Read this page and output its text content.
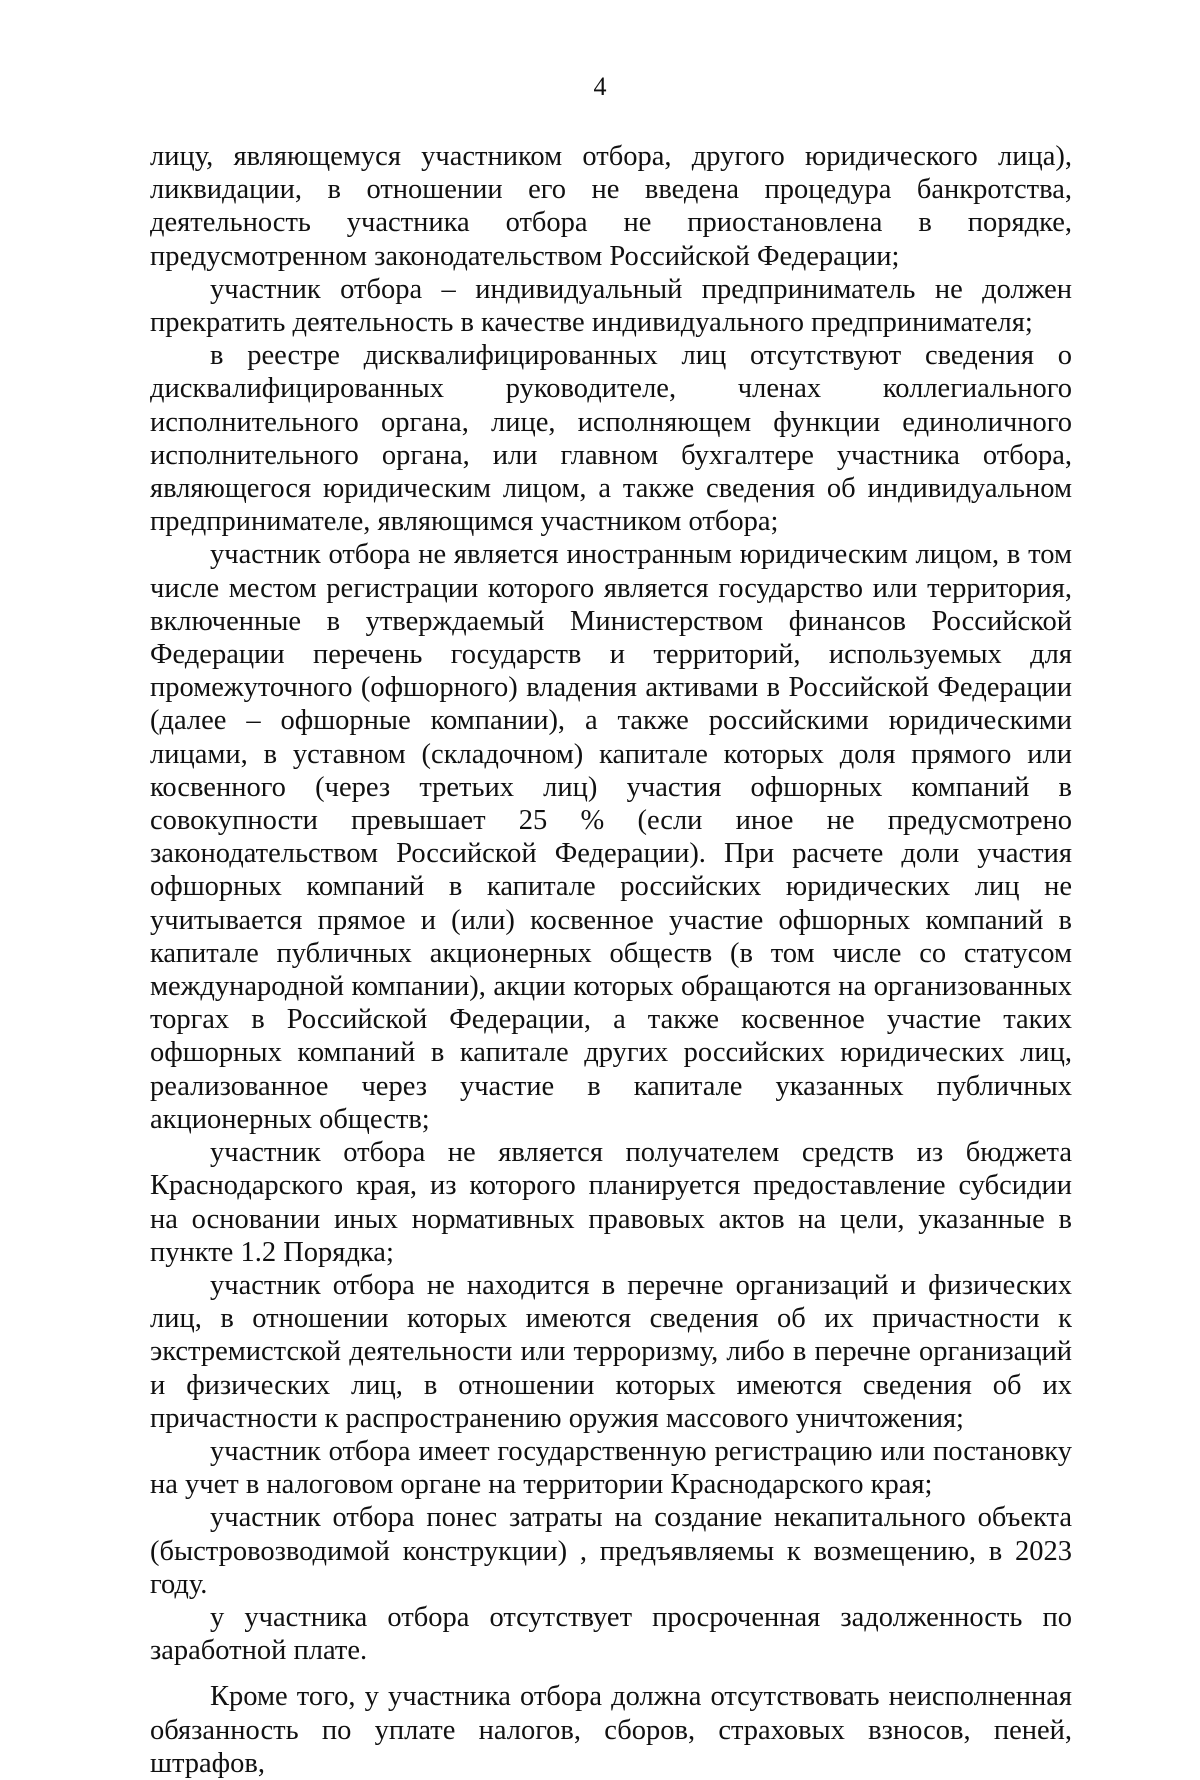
4

лицу, являющемуся участником отбора, другого юридического лица), ликвидации, в отношении его не введена процедура банкротства, деятельность участника отбора не приостановлена в порядке, предусмотренном законодательством Российской Федерации;

участник отбора – индивидуальный предприниматель не должен прекратить деятельность в качестве индивидуального предпринимателя;

в реестре дисквалифицированных лиц отсутствуют сведения о дисквалифицированных руководителе, членах коллегиального исполнительного органа, лице, исполняющем функции единоличного исполнительного органа, или главном бухгалтере участника отбора, являющегося юридическим лицом, а также сведения об индивидуальном предпринимателе, являющимся участником отбора;

участник отбора не является иностранным юридическим лицом, в том числе местом регистрации которого является государство или территория, включенные в утверждаемый Министерством финансов Российской Федерации перечень государств и территорий, используемых для промежуточного (офшорного) владения активами в Российской Федерации (далее – офшорные компании), а также российскими юридическими лицами, в уставном (складочном) капитале которых доля прямого или косвенного (через третьих лиц) участия офшорных компаний в совокупности превышает 25 % (если иное не предусмотрено законодательством Российской Федерации). При расчете доли участия офшорных компаний в капитале российских юридических лиц не учитывается прямое и (или) косвенное участие офшорных компаний в капитале публичных акционерных обществ (в том числе со статусом международной компании), акции которых обращаются на организованных торгах в Российской Федерации, а также косвенное участие таких офшорных компаний в капитале других российских юридических лиц, реализованное через участие в капитале указанных публичных акционерных обществ;

участник отбора не является получателем средств из бюджета Краснодарского края, из которого планируется предоставление субсидии на основании иных нормативных правовых актов на цели, указанные в пункте 1.2 Порядка;

участник отбора не находится в перечне организаций и физических лиц, в отношении которых имеются сведения об их причастности к экстремистской деятельности или терроризму, либо в перечне организаций и физических лиц, в отношении которых имеются сведения об их причастности к распространению оружия массового уничтожения;

участник отбора имеет государственную регистрацию или постановку на учет в налоговом органе на территории Краснодарского края;

участник отбора понес затраты на создание некапитального объекта (быстровозводимой конструкции) , предъявляемы к возмещению, в 2023 году.

у участника отбора отсутствует просроченная задолженность по заработной плате.

Кроме того, у участника отбора должна отсутствовать неисполненная обязанность по уплате налогов, сборов, страховых взносов, пеней, штрафов,
